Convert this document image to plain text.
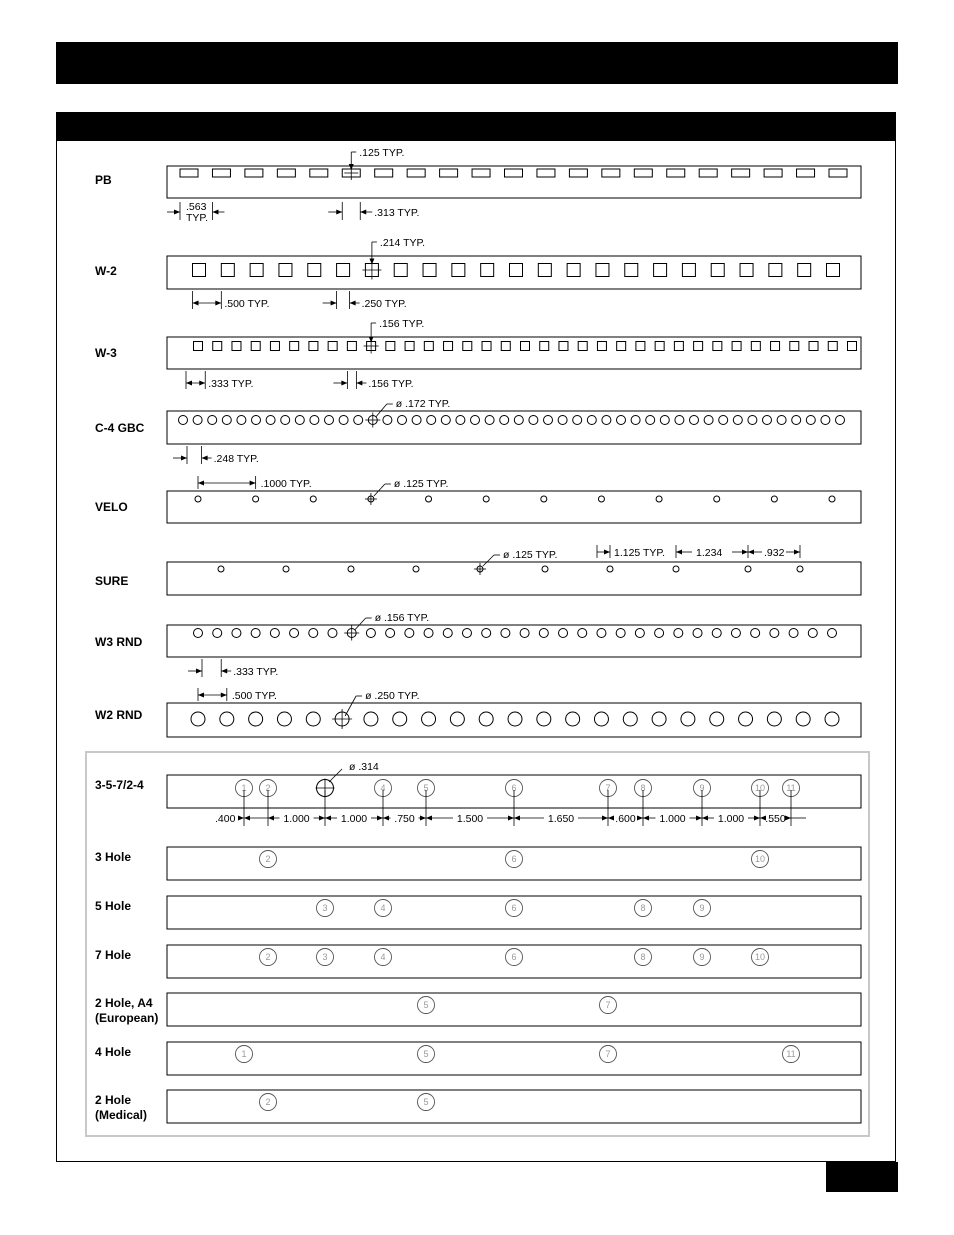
PB
.125 TYP.
.563
TYP.	.313 TYP.
W-2
.214 TYP.
.500 TYP.	.250 TYP.
W-3
.156 TYP.
.333 TYP.	.156 TYP.
C-4 GBC
ø .172 TYP.
.248 TYP.
VELO
ø .125 TYP.
.1000 TYP.
SURE
ø .125 TYP.	1.125 TYP.	1.234	.932
W3 RND
ø .156 TYP.
.333 TYP.
W2 RND
ø .250 TYP.
.500 TYP.
3-5-7/2-4	1 2	4	5	6	7	8	9	10 11
ø .314
.400	1.000	1.000	.750	1.500	1.650	.600 1.000	1.000 .550
3 Hole	2	6	10
5 Hole	3	4	6	8	9
7 Hole	2	3	4	6	8	9	10
2 Hole, A4
(European)
5	7
4 Hole	1	5	7	11
2 Hole
(Medical)
2	5
